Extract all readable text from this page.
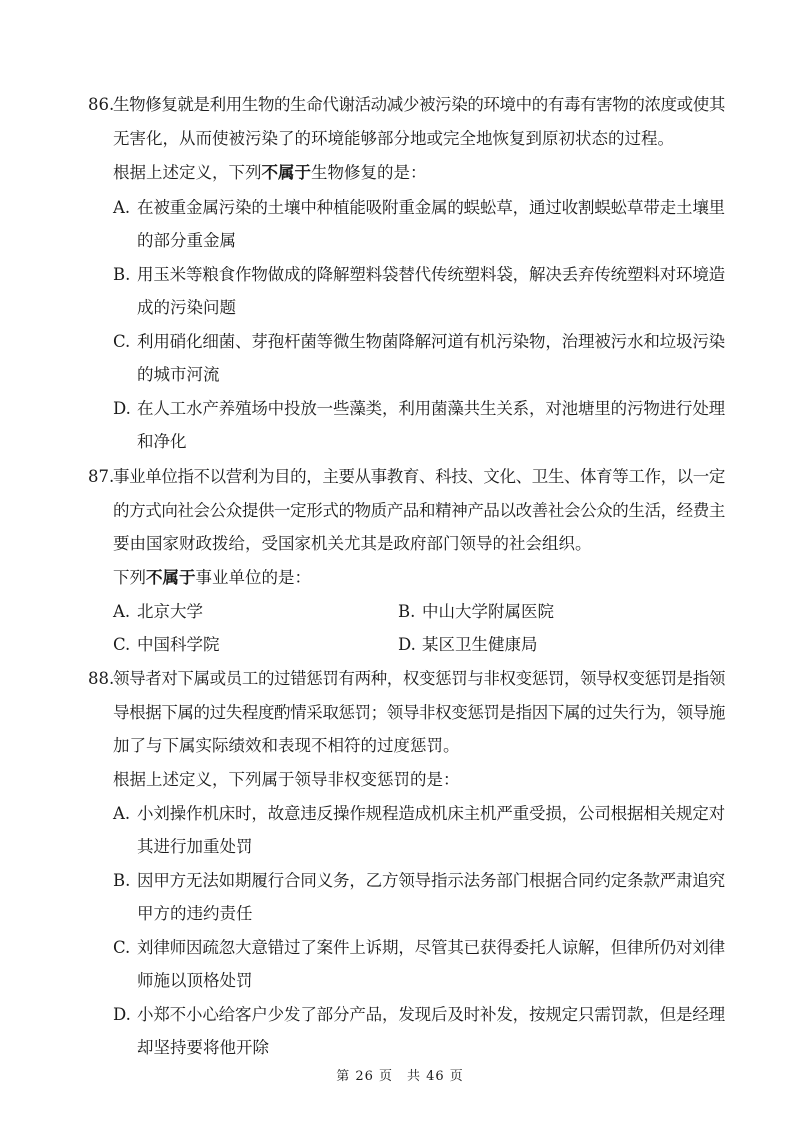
86.
生物修复就是利用生物的生命代谢活动减少被污染的环境中的有毒有害物的浓度或使其
无害化，从而使被污染了的环境能够部分地或完全地恢复到原初状态的过程。
根据上述定义，下列不属于生物修复的是：
A. 在被重金属污染的土壤中种植能吸附重金属的蜈蚣草，通过收割蜈蚣草带走土壤里
的部分重金属
B. 用玉米等粮食作物做成的降解塑料袋替代传统塑料袋，解决丢弃传统塑料对环境造
成的污染问题
C. 利用硝化细菌、芽孢杆菌等微生物菌降解河道有机污染物，治理被污水和垃圾污染
的城市河流
D. 在人工水产养殖场中投放一些藻类，利用菌藻共生关系，对池塘里的污物进行处理
和净化
87.
事业单位指不以营利为目的，主要从事教育、科技、文化、卫生、体育等工作，以一定
的方式向社会公众提供一定形式的物质产品和精神产品以改善社会公众的生活，经费主
要由国家财政拨给，受国家机关尤其是政府部门领导的社会组织。
下列不属于事业单位的是：
A. 北京大学	B. 中山大学附属医院
C. 中国科学院	D. 某区卫生健康局
88.
领导者对下属或员工的过错惩罚有两种，权变惩罚与非权变惩罚，领导权变惩罚是指领
导根据下属的过失程度酌情采取惩罚；领导非权变惩罚是指因下属的过失行为，领导施
加了与下属实际绩效和表现不相符的过度惩罚。
根据上述定义，下列属于领导非权变惩罚的是：
A. 小刘操作机床时，故意违反操作规程造成机床主机严重受损，公司根据相关规定对
其进行加重处罚
B. 因甲方无法如期履行合同义务，乙方领导指示法务部门根据合同约定条款严肃追究
甲方的违约责任
C. 刘律师因疏忽大意错过了案件上诉期，尽管其已获得委托人谅解，但律所仍对刘律
师施以顶格处罚
D. 小郑不小心给客户少发了部分产品，发现后及时补发，按规定只需罚款，但是经理
却坚持要将他开除
第 26 页　共 46 页
